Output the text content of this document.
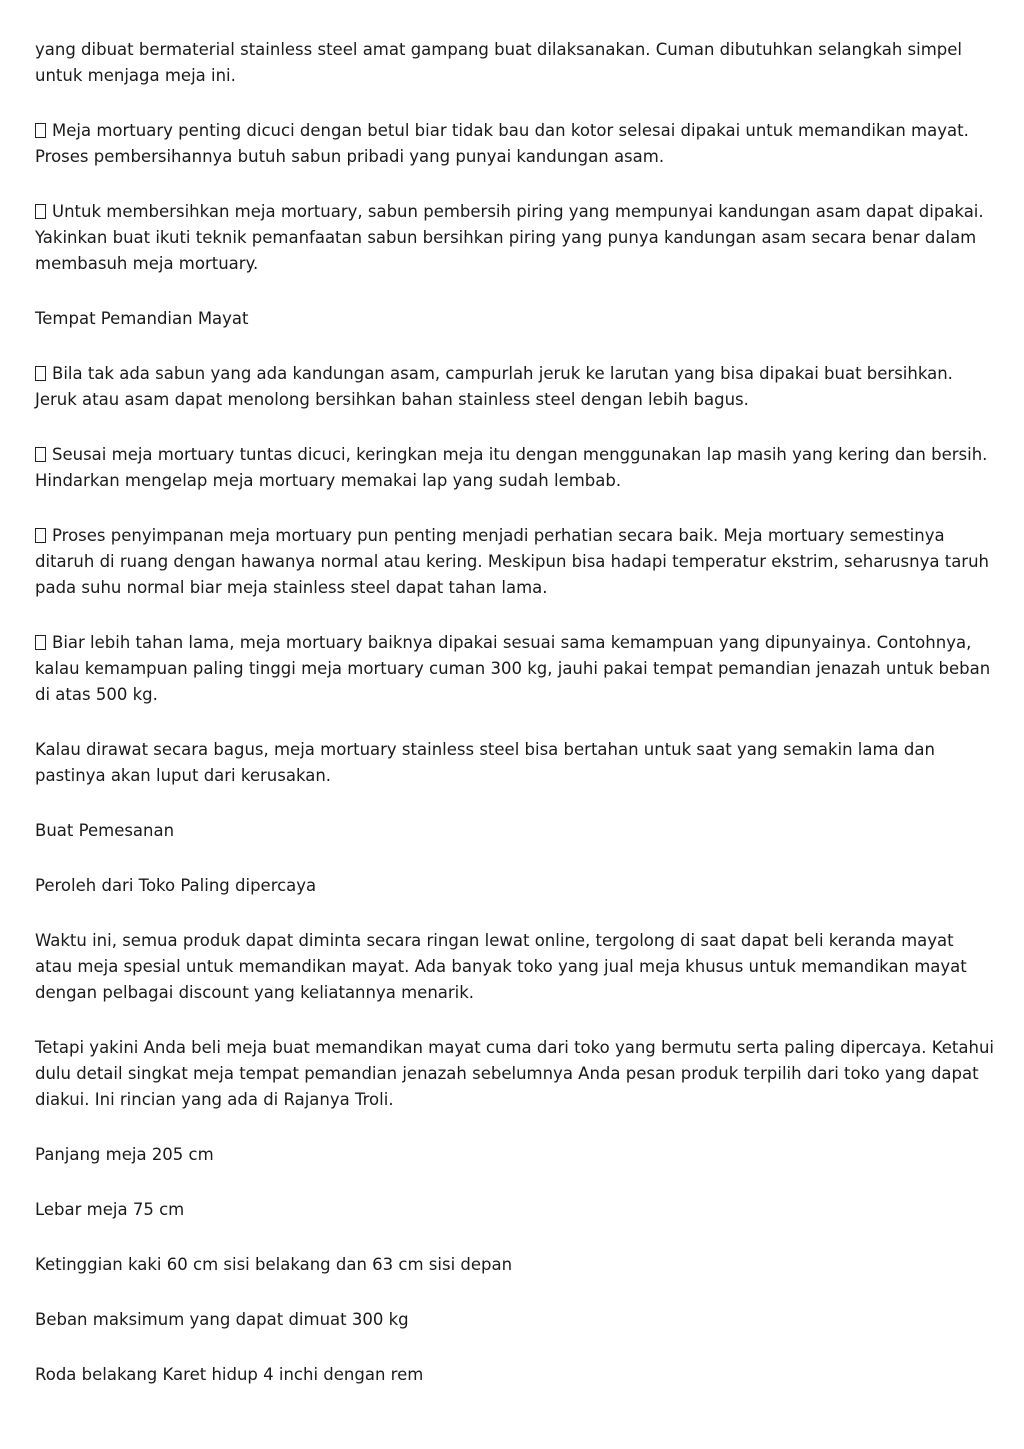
yang dibuat bermaterial stainless steel amat gampang buat dilaksanakan. Cuman dibutuhkan selangkah simpel untuk menjaga meja ini.

Meja mortuary penting dicuci dengan betul biar tidak bau dan kotor selesai dipakai untuk memandikan mayat. Proses pembersihannya butuh sabun pribadi yang punyai kandungan asam.

Untuk membersihkan meja mortuary, sabun pembersih piring yang mempunyai kandungan asam dapat dipakai. Yakinkan buat ikuti teknik pemanfaatan sabun bersihkan piring yang punya kandungan asam secara benar dalam membasuh meja mortuary.

Tempat Pemandian Mayat

Bila tak ada sabun yang ada kandungan asam, campurlah jeruk ke larutan yang bisa dipakai buat bersihkan. Jeruk atau asam dapat menolong bersihkan bahan stainless steel dengan lebih bagus.

Seusai meja mortuary tuntas dicuci, keringkan meja itu dengan menggunakan lap masih yang kering dan bersih. Hindarkan mengelap meja mortuary memakai lap yang sudah lembab.

Proses penyimpanan meja mortuary pun penting menjadi perhatian secara baik. Meja mortuary semestinya ditaruh di ruang dengan hawanya normal atau kering. Meskipun bisa hadapi temperatur ekstrim, seharusnya taruh pada suhu normal biar meja stainless steel dapat tahan lama.

Biar lebih tahan lama, meja mortuary baiknya dipakai sesuai sama kemampuan yang dipunyainya. Contohnya, kalau kemampuan paling tinggi meja mortuary cuman 300 kg, jauhi pakai tempat pemandian jenazah untuk beban di atas 500 kg.

Kalau dirawat secara bagus, meja mortuary stainless steel bisa bertahan untuk saat yang semakin lama dan pastinya akan luput dari kerusakan.

Buat Pemesanan

Peroleh dari Toko Paling dipercaya

Waktu ini, semua produk dapat diminta secara ringan lewat online, tergolong di saat dapat beli keranda mayat atau meja spesial untuk memandikan mayat. Ada banyak toko yang jual meja khusus untuk memandikan mayat dengan pelbagai discount yang keliatannya menarik.

Tetapi yakini Anda beli meja buat memandikan mayat cuma dari toko yang bermutu serta paling dipercaya. Ketahui dulu detail singkat meja tempat pemandian jenazah sebelumnya Anda pesan produk terpilih dari toko yang dapat diakui. Ini rincian yang ada di Rajanya Troli.

Panjang meja 205 cm

Lebar meja 75 cm

Ketinggian kaki 60 cm sisi belakang dan 63 cm sisi depan

Beban maksimum yang dapat dimuat 300 kg

Roda belakang Karet hidup 4 inchi dengan rem
